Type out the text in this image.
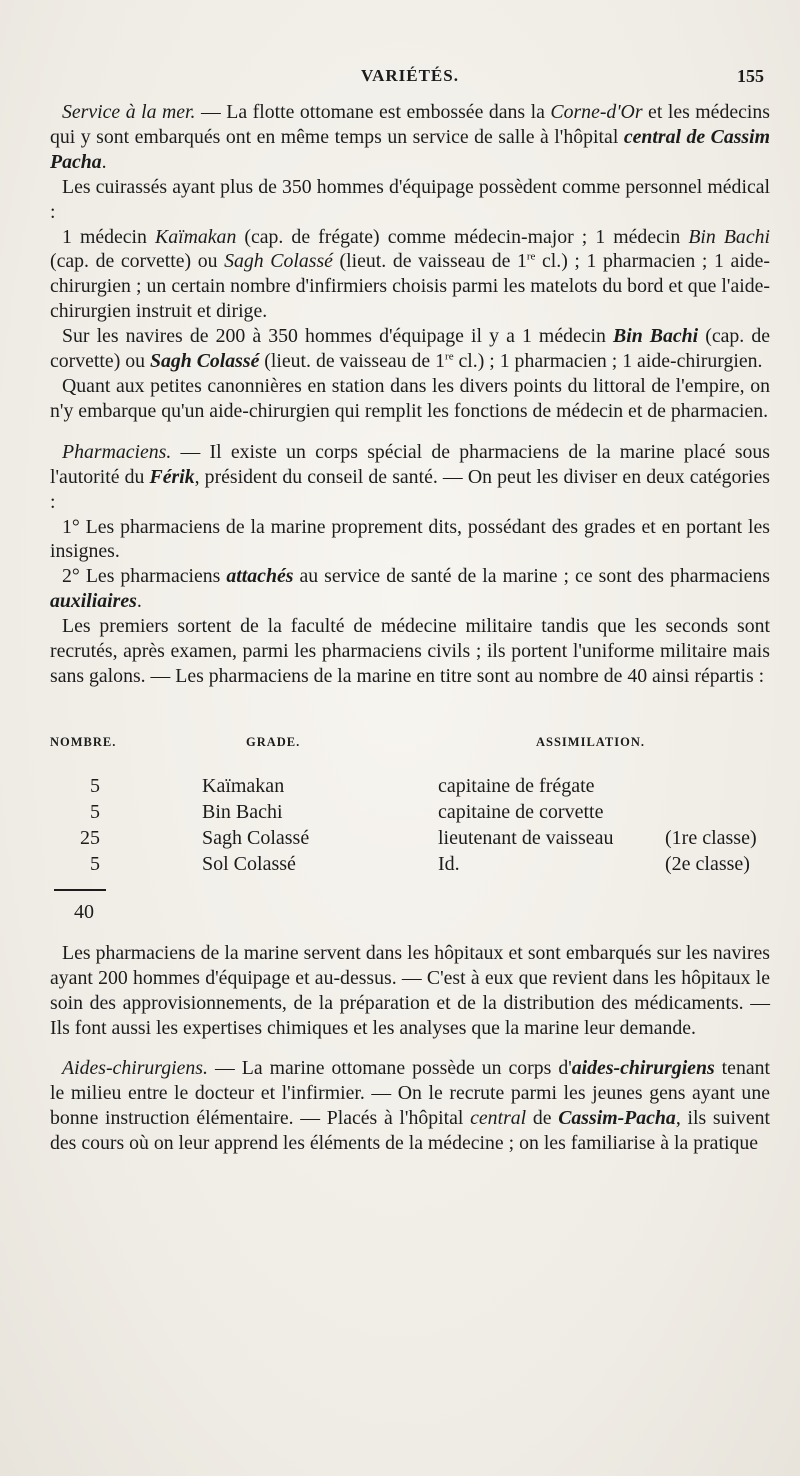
VARIÉTÉS.	155

Service à la mer. — La flotte ottomane est embossée dans la Corne-d'Or et les médecins qui y sont embarqués ont en même temps un service de salle à l'hôpital central de Cassim Pacha.

Les cuirassés ayant plus de 350 hommes d'équipage possèdent comme personnel médical :

1 médecin Kaïmakan (cap. de frégate) comme médecin-major ; 1 médecin Bin Bachi (cap. de corvette) ou Sagh Colassé (lieut. de vaisseau de 1re cl.) ; 1 pharmacien ; 1 aide-chirurgien ; un certain nombre d'infirmiers choisis parmi les matelots du bord et que l'aide-chirurgien instruit et dirige.

Sur les navires de 200 à 350 hommes d'équipage il y a 1 médecin Bin Bachi (cap. de corvette) ou Sagh Colassé (lieut. de vaisseau de 1re cl.) ; 1 pharmacien ; 1 aide-chirurgien.

Quant aux petites canonnières en station dans les divers points du littoral de l'empire, on n'y embarque qu'un aide-chirurgien qui remplit les fonctions de médecin et de pharmacien.

Pharmaciens. — Il existe un corps spécial de pharmaciens de la marine placé sous l'autorité du Férik, président du conseil de santé. — On peut les diviser en deux catégories :

1° Les pharmaciens de la marine proprement dits, possédant des grades et en portant les insignes.

2° Les pharmaciens attachés au service de santé de la marine ; ce sont des pharmaciens auxiliaires.

Les premiers sortent de la faculté de médecine militaire tandis que les seconds sont recrutés, après examen, parmi les pharmaciens civils ; ils portent l'uniforme militaire mais sans galons. — Les pharmaciens de la marine en titre sont au nombre de 40 ainsi répartis :

NOMBRE.	GRADE.	ASSIMILATION.
5	Kaïmakan	capitaine de frégate
5	Bin Bachi	capitaine de corvette
25	Sagh Colassé	lieutenant de vaisseau	(1re classe)
5	Sol Colassé	Id.	(2e classe)
40

Les pharmaciens de la marine servent dans les hôpitaux et sont embarqués sur les navires ayant 200 hommes d'équipage et au-dessus. — C'est à eux que revient dans les hôpitaux le soin des approvisionnements, de la préparation et de la distribution des médicaments. — Ils font aussi les expertises chimiques et les analyses que la marine leur demande.

Aides-chirurgiens. — La marine ottomane possède un corps d'aides-chirurgiens tenant le milieu entre le docteur et l'infirmier. — On le recrute parmi les jeunes gens ayant une bonne instruction élémentaire. — Placés à l'hôpital central de Cassim-Pacha, ils suivent des cours où on leur apprend les éléments de la médecine ; on les familiarise à la pratique
